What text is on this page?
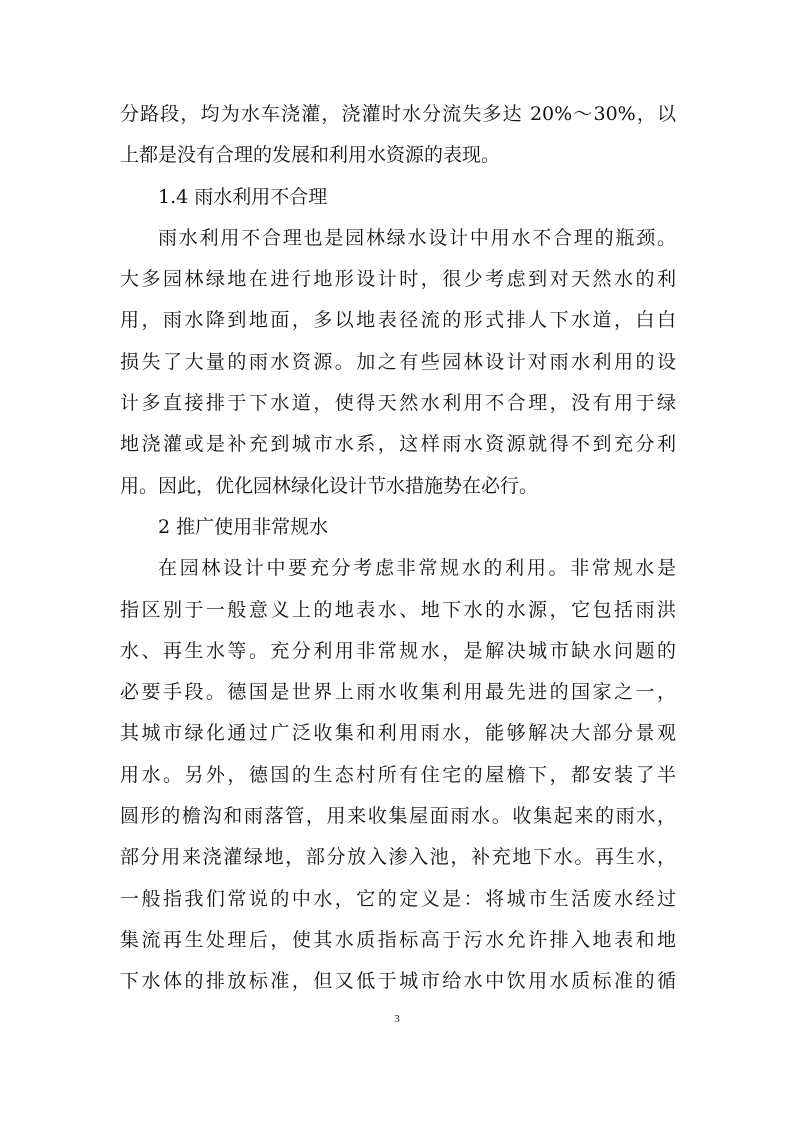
分路段，均为水车浇灌，浇灌时水分流失多达 20%～30%，以
上都是没有合理的发展和利用水资源的表现。
1.4 雨水利用不合理
雨水利用不合理也是园林绿水设计中用水不合理的瓶颈。
大多园林绿地在进行地形设计时，很少考虑到对天然水的利
用，雨水降到地面，多以地表径流的形式排人下水道，白白
损失了大量的雨水资源。加之有些园林设计对雨水利用的设
计多直接排于下水道，使得天然水利用不合理，没有用于绿
地浇灌或是补充到城市水系，这样雨水资源就得不到充分利
用。因此，优化园林绿化设计节水措施势在必行。
2 推广使用非常规水
在园林设计中要充分考虑非常规水的利用。非常规水是
指区别于一般意义上的地表水、地下水的水源，它包括雨洪
水、再生水等。充分利用非常规水，是解决城市缺水问题的
必要手段。德国是世界上雨水收集利用最先进的国家之一，
其城市绿化通过广泛收集和利用雨水，能够解决大部分景观
用水。另外，德国的生态村所有住宅的屋檐下，都安装了半
圆形的檐沟和雨落管，用来收集屋面雨水。收集起来的雨水，
部分用来浇灌绿地，部分放入渗入池，补充地下水。再生水，
一般指我们常说的中水，它的定义是：将城市生活废水经过
集流再生处理后，使其水质指标高于污水允许排入地表和地
下水体的排放标准，但又低于城市给水中饮用水质标准的循
3
